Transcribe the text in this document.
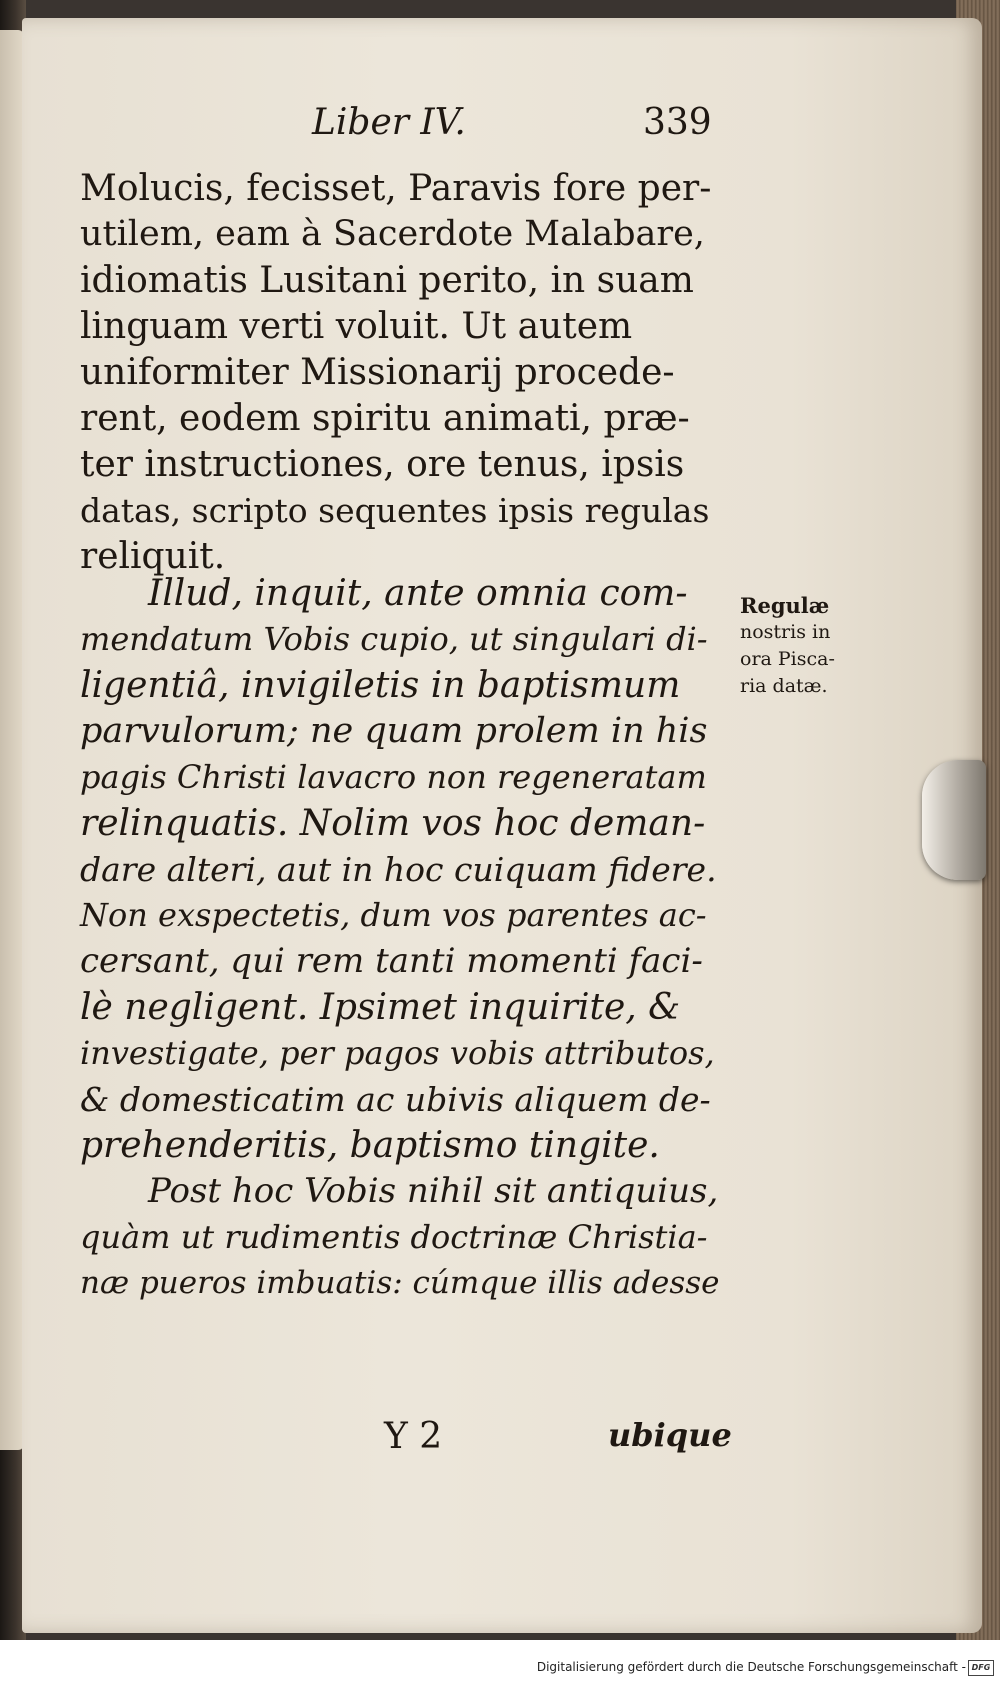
Liber IV.	339
Molucis, fecisset, Paravis fore per-
utilem, eam à Sacerdote Malabare,
idiomatis Lusitani perito, in suam
linguam verti voluit. Ut autem
uniformiter Missionarij procede-
rent, eodem spiritu animati, præ-
ter instructiones, ore tenus, ipsis
datas, scripto sequentes ipsis regulas
reliquit.
Illud, inquit, ante omnia com-
mendatum Vobis cupio, ut singulari di-
ligentiâ, invigiletis in baptismum
parvulorum; ne quam prolem in his
pagis Christi lavacro non regeneratam
relinquatis. Nolim vos hoc deman-
dare alteri, aut in hoc cuiquam fidere.
Non exspectetis, dum vos parentes ac-
cersant, qui rem tanti momenti faci-
lè negligent. Ipsimet inquirite, &
investigate, per pagos vobis attributos,
& domesticatim ac ubivis aliquem de-
prehenderitis, baptismo tingite.
Post hoc Vobis nihil sit antiquius,
quàm ut rudimentis doctrinæ Christia-
næ pueros imbuatis: cúmque illis adesse
Regulæ
nostris in
ora Pisca-
ria datæ.
Y 2	ubique
Digitalisierung gefördert durch die Deutsche Forschungsgemeinschaft - DFG
